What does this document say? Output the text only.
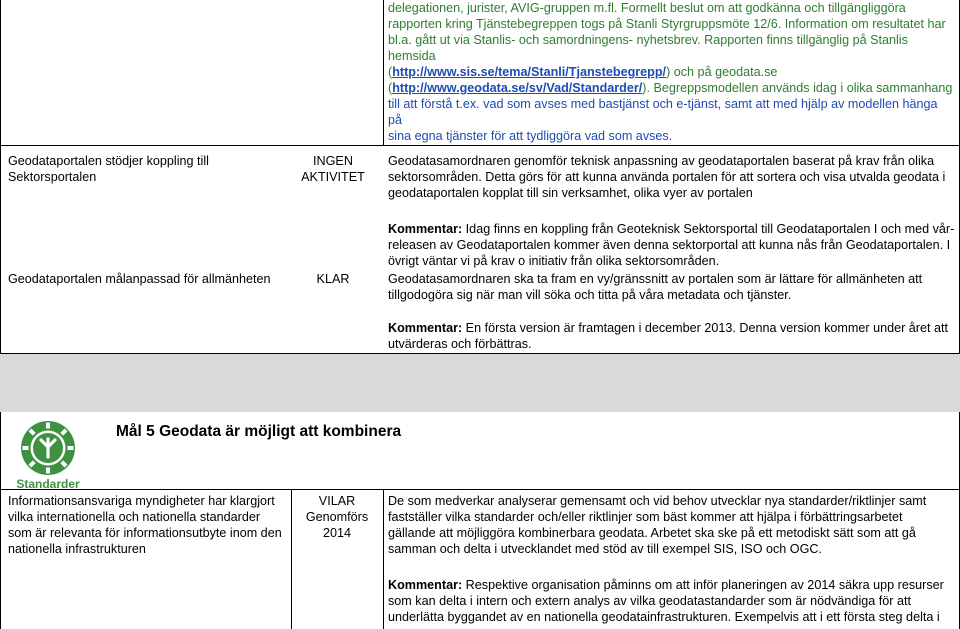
delegationen, jurister, AVIG-gruppen m.fl. Formellt beslut om att godkänna och tillgängliggöra
rapporten kring Tjänstebegreppen togs på Stanli Styrgruppsmöte 12/6. Information om resultatet har
bl.a. gått ut via Stanlis- och samordningens- nyhetsbrev. Rapporten finns tillgänglig på Stanlis hemsida
(http://www.sis.se/tema/Stanli/Tjanstebegrepp/) och på geodata.se
(http://www.geodata.se/sv/Vad/Standarder/). Begreppsmodellen används idag i olika sammanhang
till att förstå t.ex. vad som avses med bastjänst och e-tjänst, samt att med hjälp av modellen hänga på
sina egna tjänster för att tydliggöra vad som avses.
Geodataportalen stödjer koppling till Sektorsportalen
INGEN AKTIVITET
Geodatasamordnaren genomför teknisk anpassning av geodataportalen baserat på krav från olika sektorsområden. Detta görs för att kunna använda portalen för att sortera och visa utvalda geodata i geodataportalen kopplat till sin verksamhet, olika vyer av portalen
Kommentar: Idag finns en koppling från Geoteknisk Sektorsportal till Geodataportalen I och med vår-releasen av Geodataportalen kommer även denna sektorportal att kunna nås från Geodataportalen. I övrigt väntar vi på krav o initiativ från olika sektorsområden.
Geodataportalen målanpassad för allmänheten	KLAR	Geodatasamordnaren ska ta fram en vy/gränssnitt av portalen som är lättare för allmänheten att tillgodogöra sig när man vill söka och titta på våra metadata och tjänster.
Kommentar: En första version är framtagen i december 2013. Denna version kommer under året att utvärderas och förbättras.
Standarder
Mål 5 Geodata är möjligt att kombinera
Informationsansvariga myndigheter har klargjort vilka internationella och nationella standarder som är relevanta för informationsutbyte inom den nationella infrastrukturen
VILAR
Genomförs
2014
De som medverkar analyserar gemensamt och vid behov utvecklar nya standarder/riktlinjer samt fastställer vilka standarder och/eller riktlinjer som bäst kommer att hjälpa i förbättringsarbetet gällande att möjliggöra kombinerbara geodata. Arbetet ska ske på ett metodiskt sätt som att gå samman och delta i utvecklandet med stöd av till exempel SIS, ISO och OGC.
Kommentar: Respektive organisation påminns om att inför planeringen av 2014 säkra upp resurser som kan delta i intern och extern analys av vilka geodatastandarder som är nödvändiga för att underlätta byggandet av en nationella geodatainfrastrukturen. Exempelvis att i ett första steg delta i
